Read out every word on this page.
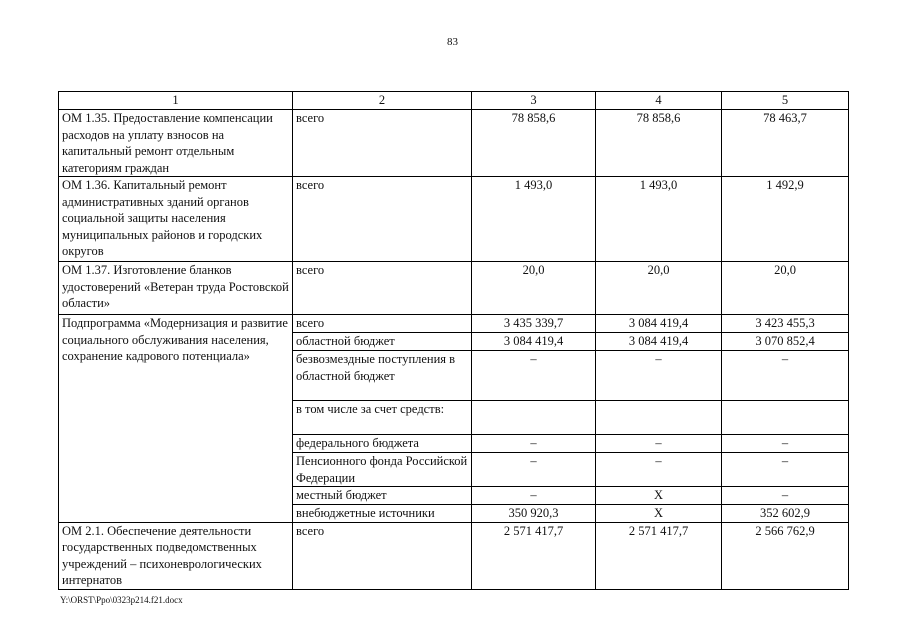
83
1	2	3	4	5
ОМ 1.35. Предоставление компенсации расходов на уплату взносов на капитальный ремонт отдельным категориям граждан	всего	78 858,6	78 858,6	78 463,7
ОМ 1.36. Капитальный ремонт административных зданий органов социальной защиты населения муниципальных районов и городских округов	всего	1 493,0	1 493,0	1 492,9
ОМ 1.37. Изготовление бланков удостоверений «Ветеран труда Ростовской области»	всего	20,0	20,0	20,0
Подпрограмма «Модернизация и развитие социального обслуживания населения, сохранение кадрового потенциала»	всего	3 435 339,7	3 084 419,4	3 423 455,3
	областной бюджет	3 084 419,4	3 084 419,4	3 070 852,4
	безвозмездные поступления в областной бюджет	–	–	–
	в том числе за счет средств:			
	федерального бюджета	–	–	–
	Пенсионного фонда Российской Федерации	–	–	–
	местный бюджет	–	Х	–
	внебюджетные источники	350 920,3	Х	352 602,9
ОМ 2.1. Обеспечение деятельности государственных подведомственных учреждений – психоневрологических интернатов	всего	2 571 417,7	2 571 417,7	2 566 762,9
Y:\ORST\Ppo\0323p214.f21.docx
